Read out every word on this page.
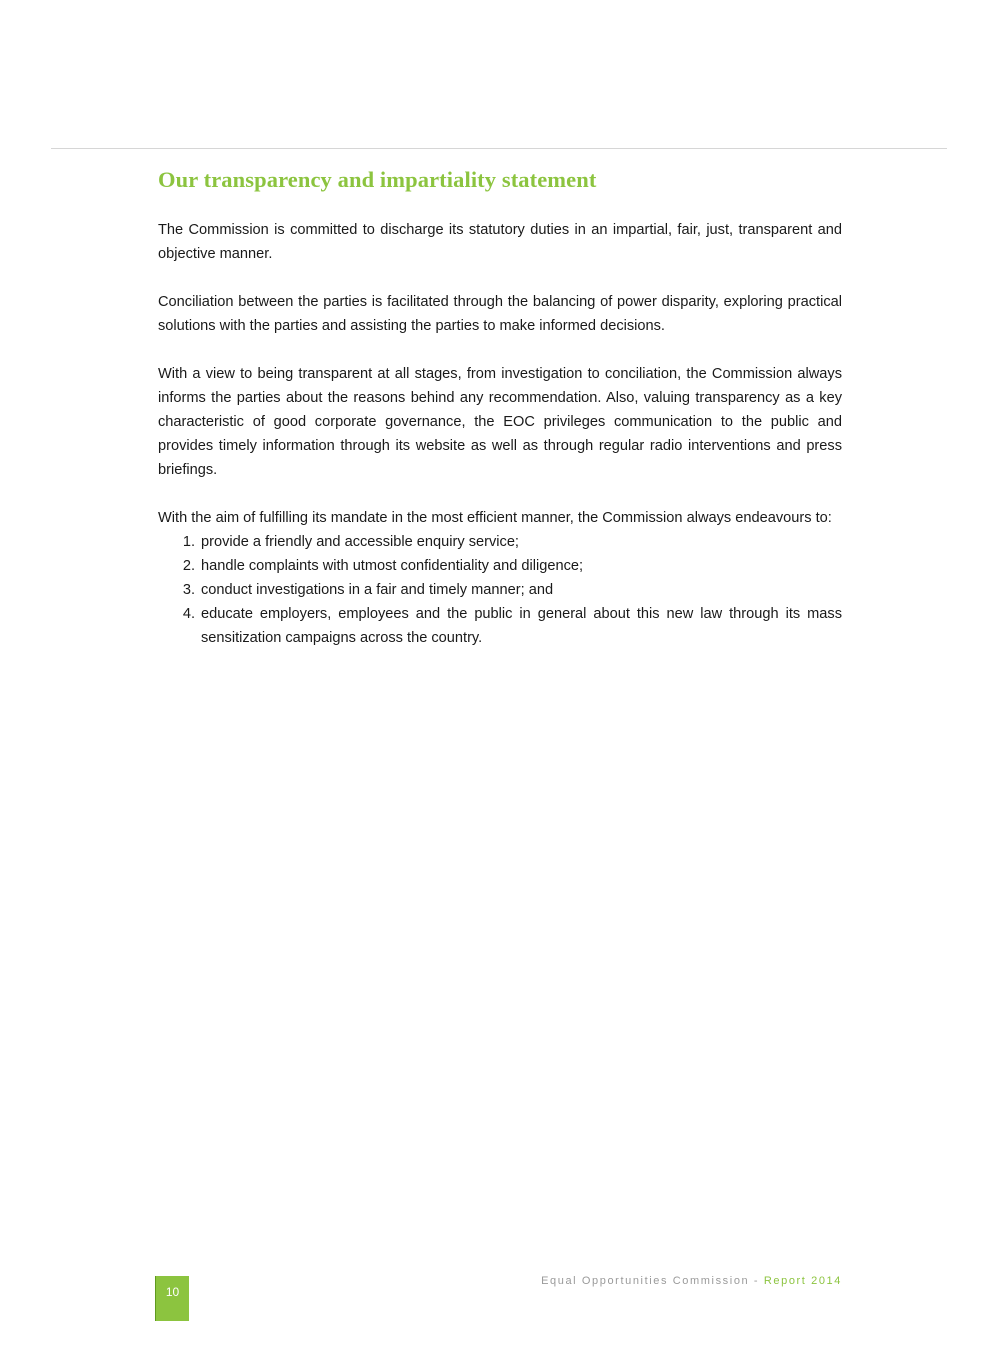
Our transparency and impartiality statement

The Commission is committed to discharge its statutory duties in an impartial, fair, just, transparent and objective manner.

Conciliation between the parties is facilitated through the balancing of power disparity, exploring practical solutions with the parties and assisting the parties to make informed decisions.

With a view to being transparent at all stages, from investigation to conciliation, the Commission always informs the parties about the reasons behind any recommendation. Also, valuing transparency as a key characteristic of good corporate governance, the EOC privileges communication to the public and provides timely information through its website as well as through regular radio interventions and press briefings.

With the aim of fulfilling its mandate in the most efficient manner, the Commission always endeavours to:

1. provide a friendly and accessible enquiry service;
2. handle complaints with utmost confidentiality and diligence;
3. conduct investigations in a fair and timely manner; and
4. educate employers, employees and the public in general about this new law through its mass sensitization campaigns across the country.
Equal Opportunities Commission - Report 2014
10
